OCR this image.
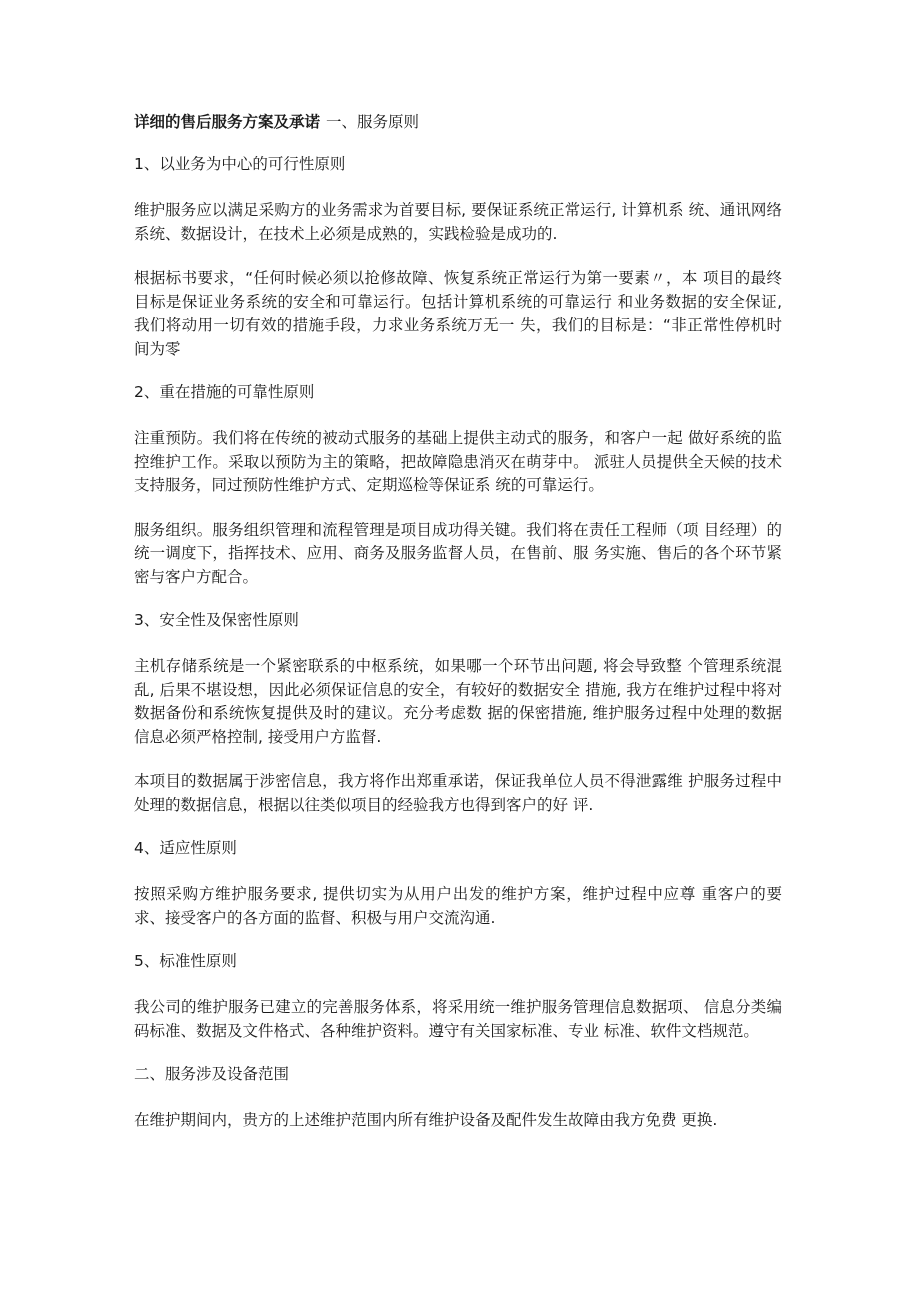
详细的售后服务方案及承诺 一、服务原则

1、以业务为中心的可行性原则

维护服务应以满足采购方的业务需求为首要目标, 要保证系统正常运行, 计算机系 统、通讯网络系统、数据设计，在技术上必须是成熟的，实践检验是成功的.

根据标书要求，“任何时候必须以抢修故障、恢复系统正常运行为第一要素〃，本 项目的最终目标是保证业务系统的安全和可靠运行。包括计算机系统的可靠运行 和业务数据的安全保证, 我们将动用一切有效的措施手段，力求业务系统万无一 失，我们的目标是：“非正常性停机时间为零

2、重在措施的可靠性原则

注重预防。我们将在传统的被动式服务的基础上提供主动式的服务，和客户一起 做好系统的监控维护工作。采取以预防为主的策略，把故障隐患消灭在萌芽中。 派驻人员提供全天候的技术支持服务，同过预防性维护方式、定期巡检等保证系 统的可靠运行。

服务组织。服务组织管理和流程管理是项目成功得关键。我们将在责任工程师（项 目经理）的统一调度下，指挥技术、应用、商务及服务监督人员，在售前、服 务实施、售后的各个环节紧密与客户方配合。

3、安全性及保密性原则

主机存储系统是一个紧密联系的中枢系统，如果哪一个环节出问题, 将会导致整 个管理系统混乱, 后果不堪设想，因此必须保证信息的安全，有较好的数据安全 措施, 我方在维护过程中将对数据备份和系统恢复提供及时的建议。充分考虑数 据的保密措施, 维护服务过程中处理的数据信息必须严格控制, 接受用户方监督.

本项目的数据属于涉密信息，我方将作出郑重承诺，保证我单位人员不得泄露维 护服务过程中处理的数据信息，根据以往类似项目的经验我方也得到客户的好 评.

4、适应性原则

按照采购方维护服务要求, 提供切实为从用户出发的维护方案，维护过程中应尊 重客户的要求、接受客户的各方面的监督、积极与用户交流沟通.

5、标准性原则

我公司的维护服务已建立的完善服务体系，将采用统一维护服务管理信息数据项、 信息分类编码标准、数据及文件格式、各种维护资料。遵守有关国家标准、专业 标准、软件文档规范。

二、服务涉及设备范围

在维护期间内，贵方的上述维护范围内所有维护设备及配件发生故障由我方免费 更换.
